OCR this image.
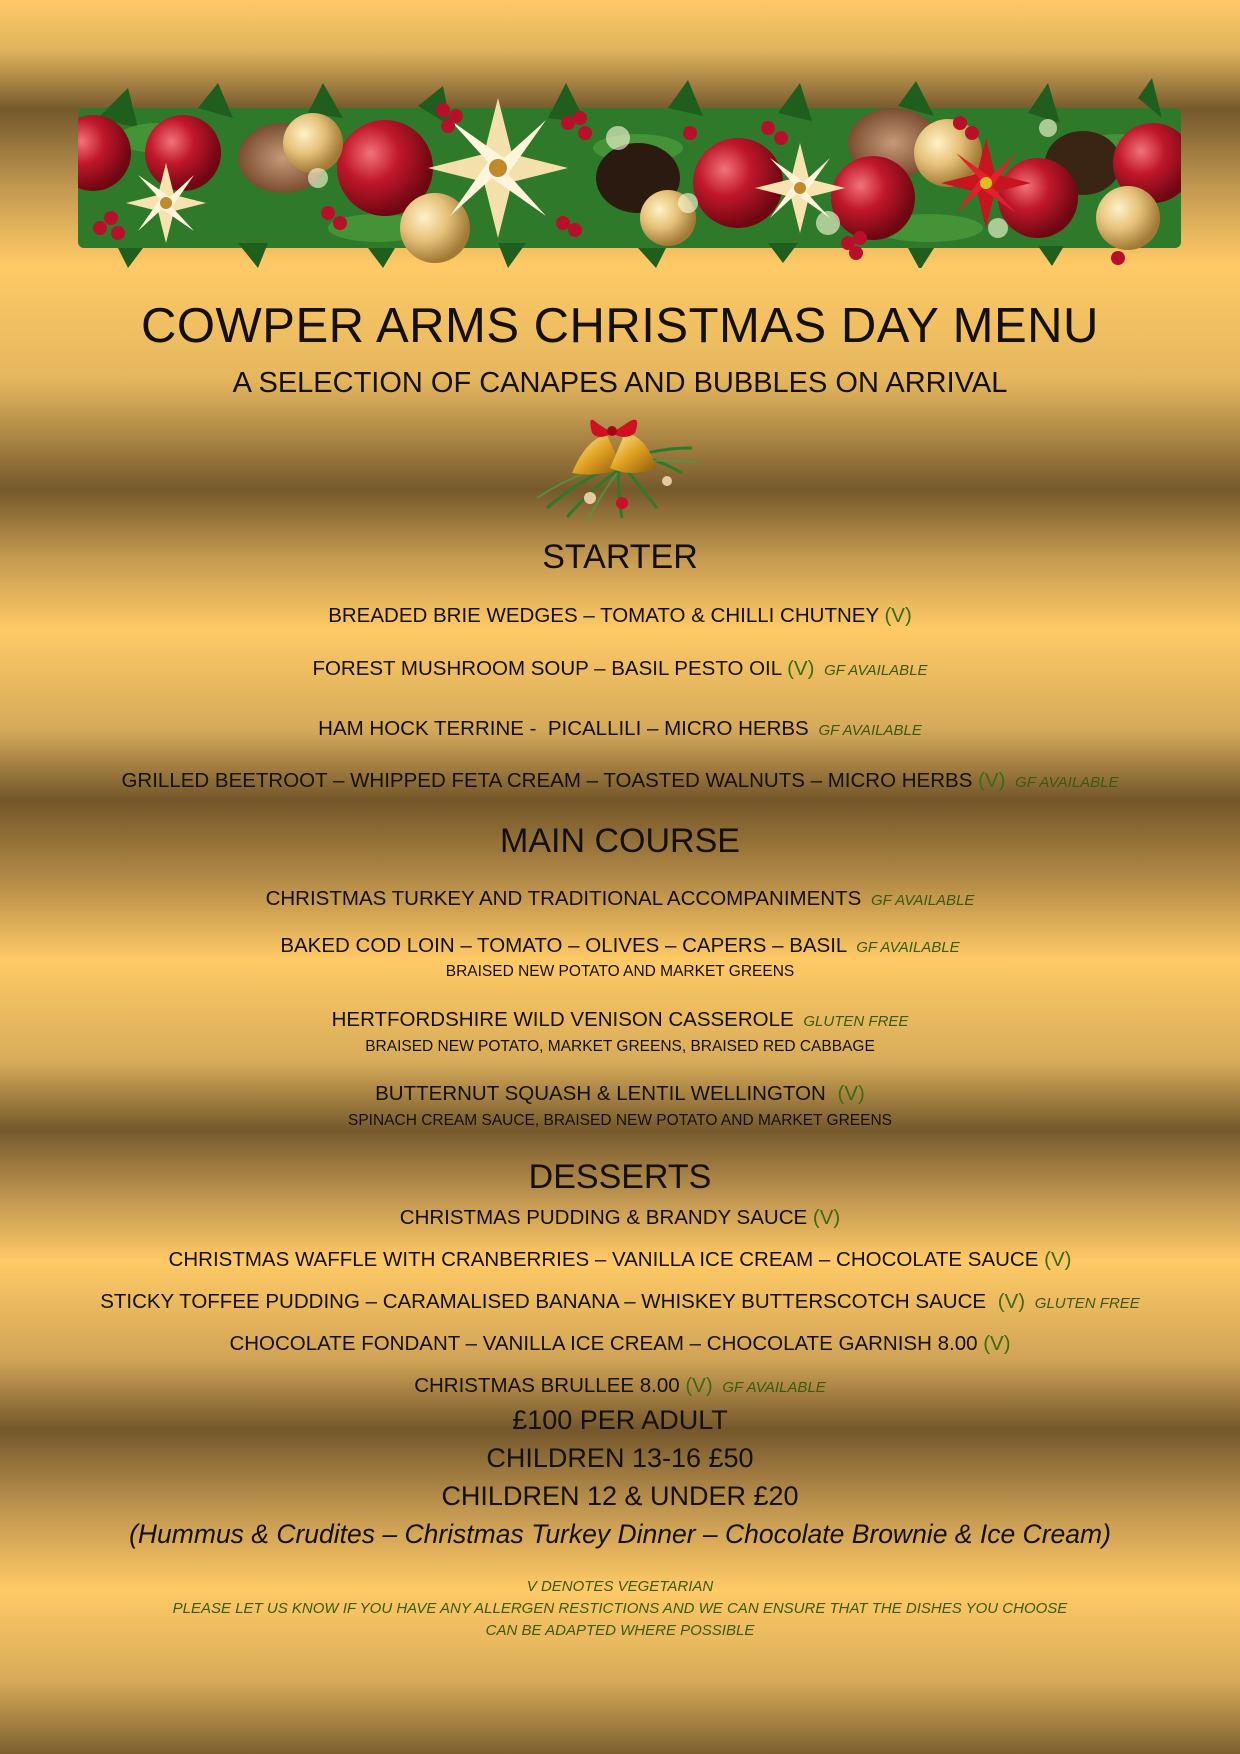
COWPER ARMS CHRISTMAS DAY MENU
A SELECTION OF CANAPES AND BUBBLES ON ARRIVAL
STARTER
BREADED BRIE WEDGES – TOMATO & CHILLI CHUTNEY (V)
FOREST MUSHROOM SOUP – BASIL PESTO OIL (V) GF AVAILABLE
HAM HOCK TERRINE -  PICALLILI – MICRO HERBS GF AVAILABLE
GRILLED BEETROOT – WHIPPED FETA CREAM – TOASTED WALNUTS – MICRO HERBS (V) GF AVAILABLE
MAIN COURSE
CHRISTMAS TURKEY AND TRADITIONAL ACCOMPANIMENTS GF AVAILABLE
BAKED COD LOIN – TOMATO – OLIVES – CAPERS – BASIL GF AVAILABLE
BRAISED NEW POTATO AND MARKET GREENS
HERTFORDSHIRE WILD VENISON CASSEROLE GLUTEN FREE
BRAISED NEW POTATO, MARKET GREENS, BRAISED RED CABBAGE
BUTTERNUT SQUASH & LENTIL WELLINGTON (V)
SPINACH CREAM SAUCE, BRAISED NEW POTATO AND MARKET GREENS
DESSERTS
CHRISTMAS PUDDING & BRANDY SAUCE (V)
CHRISTMAS WAFFLE WITH CRANBERRIES – VANILLA ICE CREAM – CHOCOLATE SAUCE (V)
STICKY TOFFEE PUDDING – CARAMALISED BANANA – WHISKEY BUTTERSCOTCH SAUCE (V) GLUTEN FREE
CHOCOLATE FONDANT – VANILLA ICE CREAM – CHOCOLATE GARNISH 8.00 (V)
CHRISTMAS BRULLEE 8.00 (V) GF AVAILABLE
£100 PER ADULT
CHILDREN 13-16 £50
CHILDREN 12 & UNDER £20
(Hummus & Crudites – Christmas Turkey Dinner – Chocolate Brownie & Ice Cream)
V DENOTES VEGETARIAN
PLEASE LET US KNOW IF YOU HAVE ANY ALLERGEN RESTICTIONS AND WE CAN ENSURE THAT THE DISHES YOU CHOOSE
CAN BE ADAPTED WHERE POSSIBLE
